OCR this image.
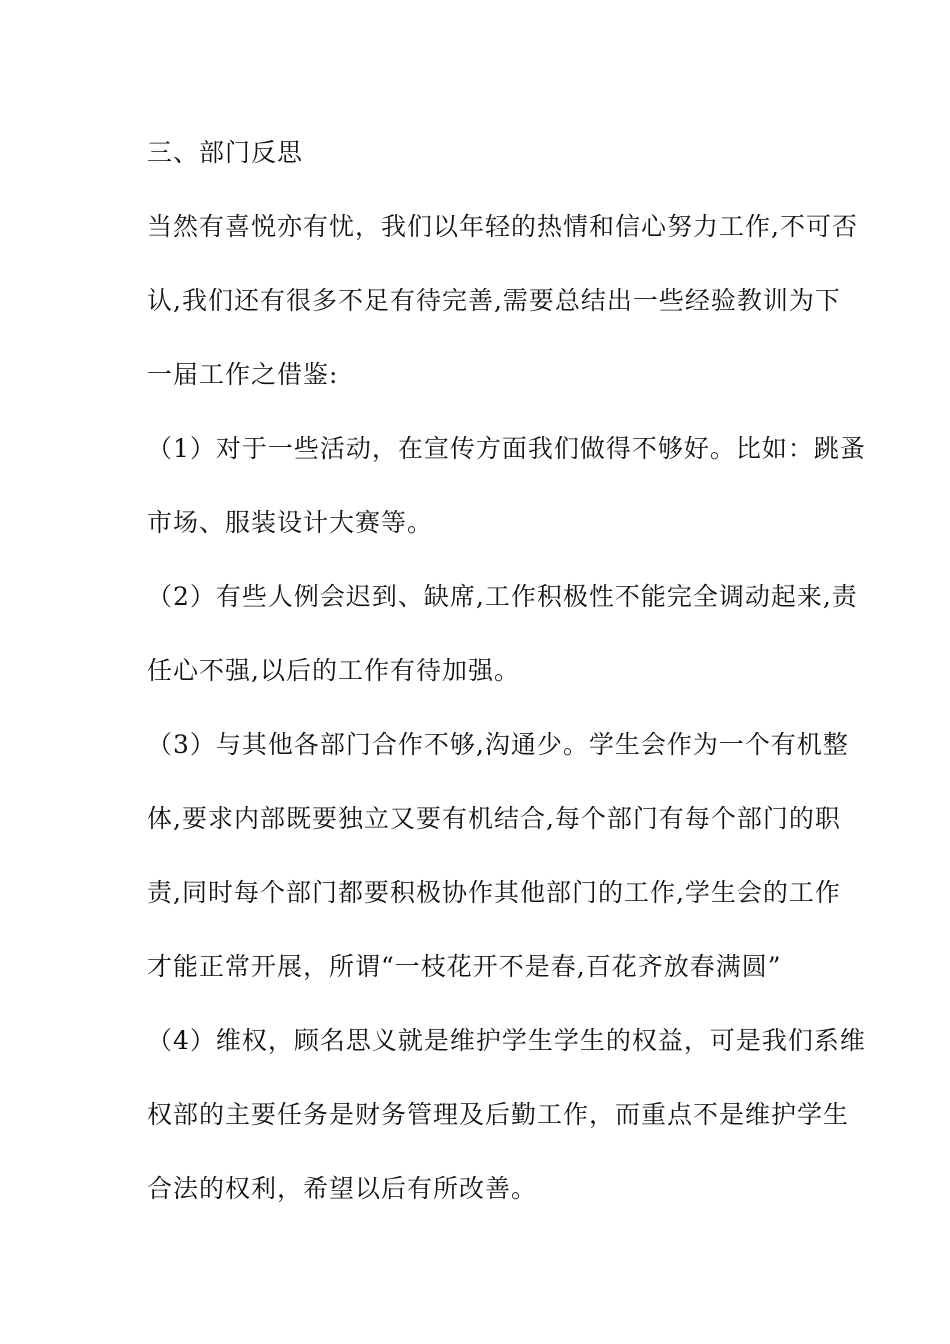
三、部门反思
当然有喜悦亦有忧，我们以年轻的热情和信心努力工作,不可否
认,我们还有很多不足有待完善,需要总结出一些经验教训为下
一届工作之借鉴:
（1）对于一些活动，在宣传方面我们做得不够好。比如：跳蚤
市场、服装设计大赛等。
（2）有些人例会迟到、缺席,工作积极性不能完全调动起来,责
任心不强,以后的工作有待加强。
（3）与其他各部门合作不够,沟通少。学生会作为一个有机整
体,要求内部既要独立又要有机结合,每个部门有每个部门的职
责,同时每个部门都要积极协作其他部门的工作,学生会的工作
才能正常开展，所谓“一枝花开不是春,百花齐放春满圆”
（4）维权，顾名思义就是维护学生学生的权益，可是我们系维
权部的主要任务是财务管理及后勤工作，而重点不是维护学生
合法的权利，希望以后有所改善。
